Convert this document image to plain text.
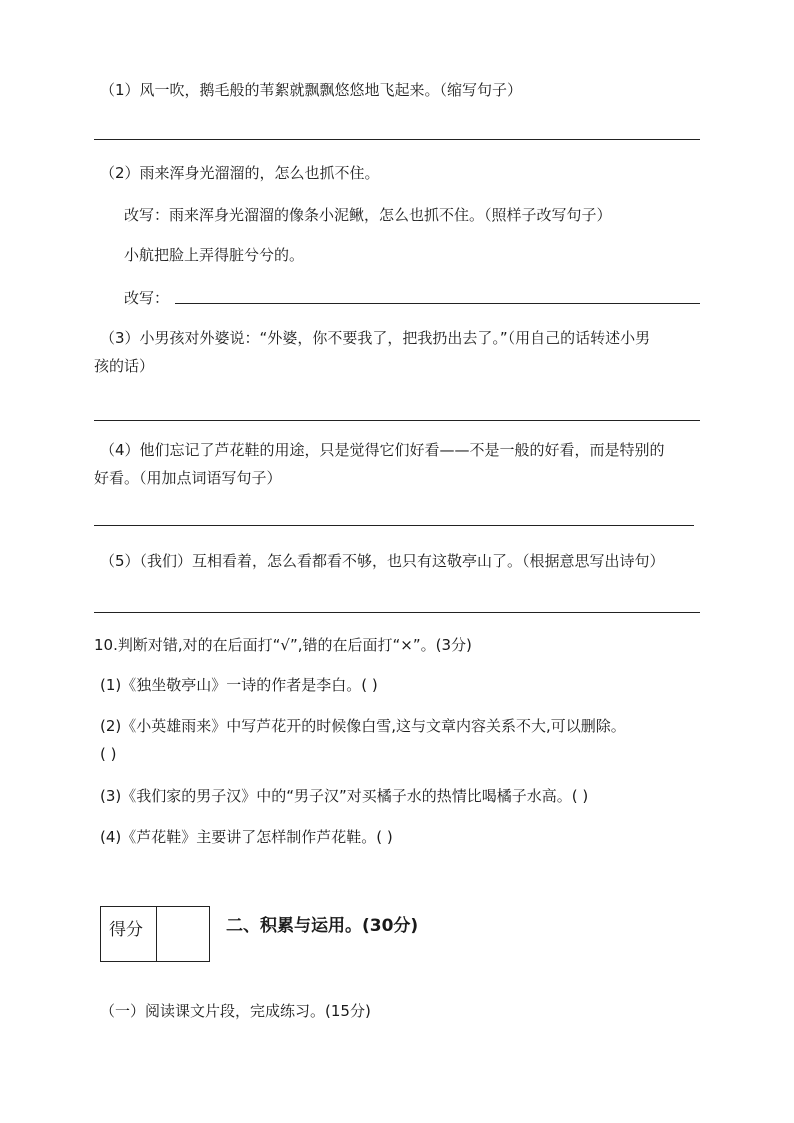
（1）风一吹，鹅毛般的苇絮就飘飘悠悠地飞起来。（缩写句子）

（2）雨来浑身光溜溜的，怎么也抓不住。

改写：雨来浑身光溜溜的像条小泥鳅，怎么也抓不住。（照样子改写句子）

小航把脸上弄得脏兮兮的。

改写：

（3）小男孩对外婆说：“外婆，你不要我了，把我扔出去了。”（用自己的话转述小男

孩的话）

（4）他们忘记了芦花鞋的用途，只是觉得它们好看——不是一般的好看，而是特别的

好看。（用加点词语写句子）

（5）（我们）互相看着，怎么看都看不够，也只有这敬亭山了。（根据意思写出诗句）

10.判断对错,对的在后面打“√”,错的在后面打“×”。(3分)

(1)《独坐敬亭山》一诗的作者是李白。( )

(2)《小英雄雨来》中写芦花开的时候像白雪,这与文章内容关系不大,可以删除。

( )

(3)《我们家的男子汉》中的“男子汉”对买橘子水的热情比喝橘子水高。( )

(4)《芦花鞋》主要讲了怎样制作芦花鞋。( )

得分	二、积累与运用。(30分)

（一）阅读课文片段，完成练习。(15分)
